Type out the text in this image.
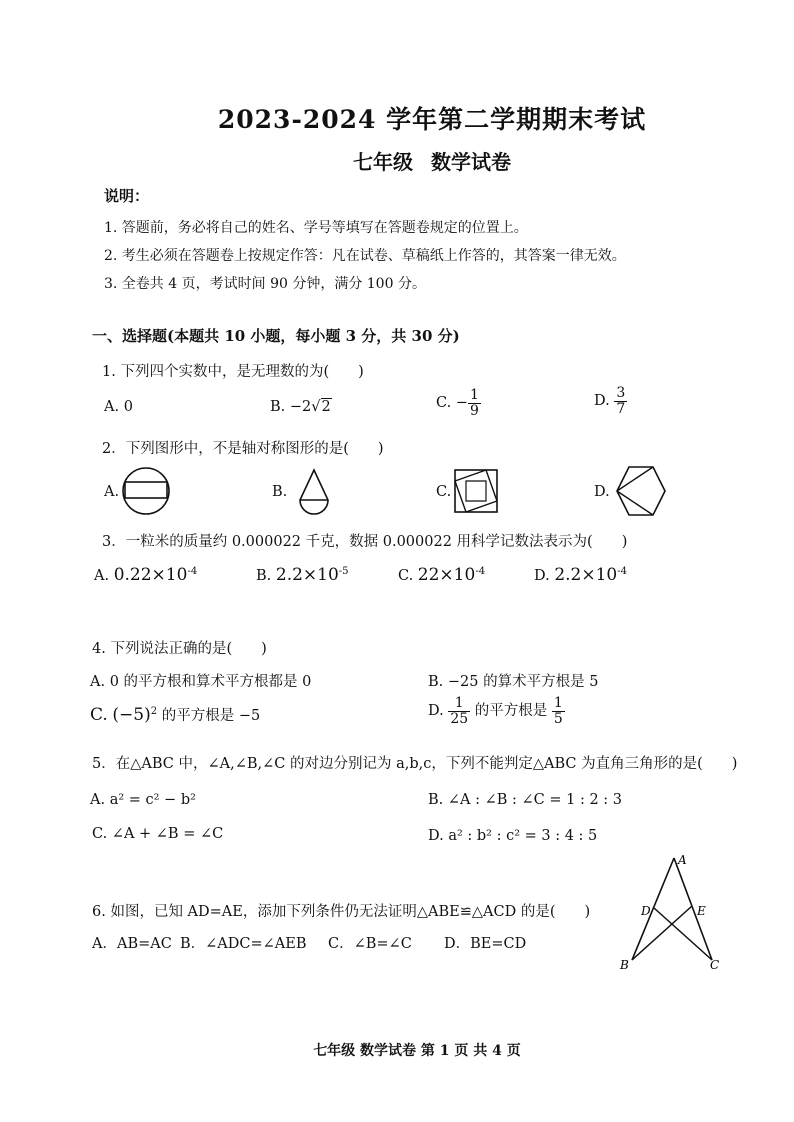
2023-2024 学年第二学期期末考试
七年级 数学试卷
说明：
1. 答题前，务必将自己的姓名、学号等填写在答题卷规定的位置上。
2. 考生必须在答题卷上按规定作答：凡在试卷、草稿纸上作答的，其答案一律无效。
3. 全卷共 4 页，考试时间 90 分钟，满分 100 分。
一、选择题(本题共 10 小题，每小题 3 分，共 30 分)
1. 下列四个实数中，是无理数的为(　　)
A. 0	B. −2√2	C. − $\frac{1}{9}$	D. $\frac{3}{7}$
2．下列图形中，不是轴对称图形的是(　　)
A.	B.	C.	D.
3．一粒米的质量约 0.000022 千克，数据 0.000022 用科学记数法表示为(　　)
A. $0.22\times 10^{-4}$	B. $2.2\times 10^{-5}$	C. $22\times 10^{-4}$	D. $2.2\times 10^{-4}$
4. 下列说法正确的是(　　)
A. 0 的平方根和算术平方根都是 0	B. −25 的算术平方根是 5
C. $(-5)^2$ 的平方根是 −5	D. $\frac{1}{25}$ 的平方根是 $\frac{1}{5}$
5．在△ABC 中，∠A,∠B,∠C 的对边分别记为 a,b,c，下列不能判定△ABC 为直角三角形的是(　　)
A. a² = c² − b²	B. ∠A : ∠B : ∠C = 1 : 2 : 3
C. ∠A + ∠B = ∠C	D. a² : b² : c² = 3 : 4 : 5
6. 如图，已知 AD=AE，添加下列条件仍无法证明△ABE≌△ACD 的是(　　)
A．AB=AC B．∠ADC=∠AEB C．∠B=∠C D．BE=CD
A
D	E
B	C
七年级 数学试卷 第 1 页 共 4 页
